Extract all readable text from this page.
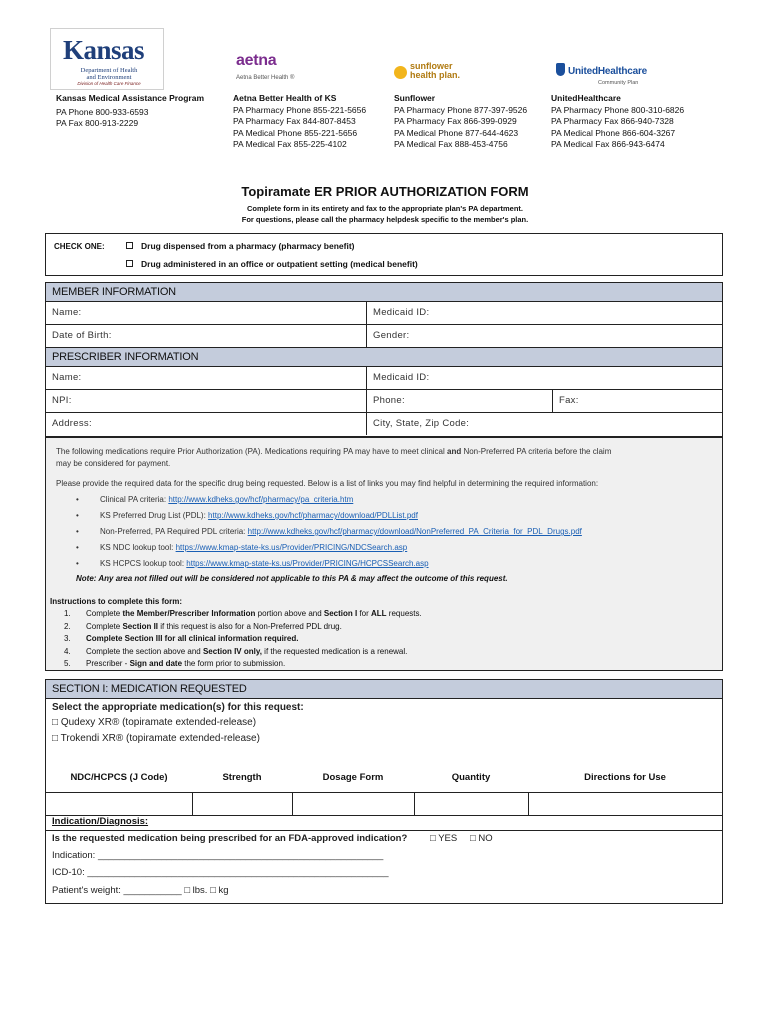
Kansas
Department of Health
and Environment
Division of Health Care Finance
aetna
Aetna Better Health ®
sunflower
health plan.	UnitedHealthcare
Community Plan
Kansas Medical Assistance Program
PA Phone 800-933-6593
PA Fax 800-913-2229
Aetna Better Health of KS
PA Pharmacy Phone 855-221-5656
PA Pharmacy Fax 844-807-8453
PA Medical Phone 855-221-5656
PA Medical Fax 855-225-4102
Sunflower
PA Pharmacy Phone 877-397-9526
PA Pharmacy Fax 866-399-0929
PA Medical Phone 877-644-4623
PA Medical Fax 888-453-4756
UnitedHealthcare
PA Pharmacy Phone 800-310-6826
PA Pharmacy Fax 866-940-7328
PA Medical Phone 866-604-3267
PA Medical Fax 866-943-6474
Topiramate ER PRIOR AUTHORIZATION FORM
Complete form in its entirety and fax to the appropriate plan's PA department.
For questions, please call the pharmacy helpdesk specific to the member's plan.
CHECK ONE:	Drug dispensed from a pharmacy (pharmacy benefit)
Drug administered in an office or outpatient setting (medical benefit)
MEMBER INFORMATION
Name:	Medicaid ID:
Date of Birth:	Gender:
PRESCRIBER INFORMATION
Name:	Medicaid ID:
NPI:	Phone:	Fax:
Address:	City, State, Zip Code:
The following medications require Prior Authorization (PA). Medications requiring PA may have to meet clinical and Non-Preferred PA criteria before the claim
may be considered for payment.
Please provide the required data for the specific drug being requested. Below is a list of links you may find helpful in determining the required information:
•	Clinical PA criteria: http://www.kdheks.gov/hcf/pharmacy/pa_criteria.htm
•	KS Preferred Drug List (PDL): http://www.kdheks.gov/hcf/pharmacy/download/PDLList.pdf
•	Non-Preferred, PA Required PDL criteria: http://www.kdheks.gov/hcf/pharmacy/download/NonPreferred_PA_Criteria_for_PDL_Drugs.pdf
•	KS NDC lookup tool: https://www.kmap-state-ks.us/Provider/PRICING/NDCSearch.asp
•	KS HCPCS lookup tool: https://www.kmap-state-ks.us/Provider/PRICING/HCPCSSearch.asp
Note: Any area not filled out will be considered not applicable to this PA & may affect the outcome of this request.
Instructions to complete this form:
1. Complete the Member/Prescriber Information portion above and Section I for ALL requests.
2. Complete Section II if this request is also for a Non-Preferred PDL drug.
3. Complete Section III for all clinical information required.
4. Complete the section above and Section IV only, if the requested medication is a renewal.
5. Prescriber - Sign and date the form prior to submission.
SECTION I: MEDICATION REQUESTED
Select the appropriate medication(s) for this request:
□ Qudexy XR® (topiramate extended-release)
□ Trokendi XR® (topiramate extended-release)
NDC/HCPCS (J Code)	Strength	Dosage Form	Quantity	Directions for Use
Indication/Diagnosis:
Is the requested medication being prescribed for an FDA-approved indication? □ YES □ NO
Indication: ______________________________________________________
ICD-10: _________________________________________________________
Patient's weight: ___________ □ lbs. □ kg
